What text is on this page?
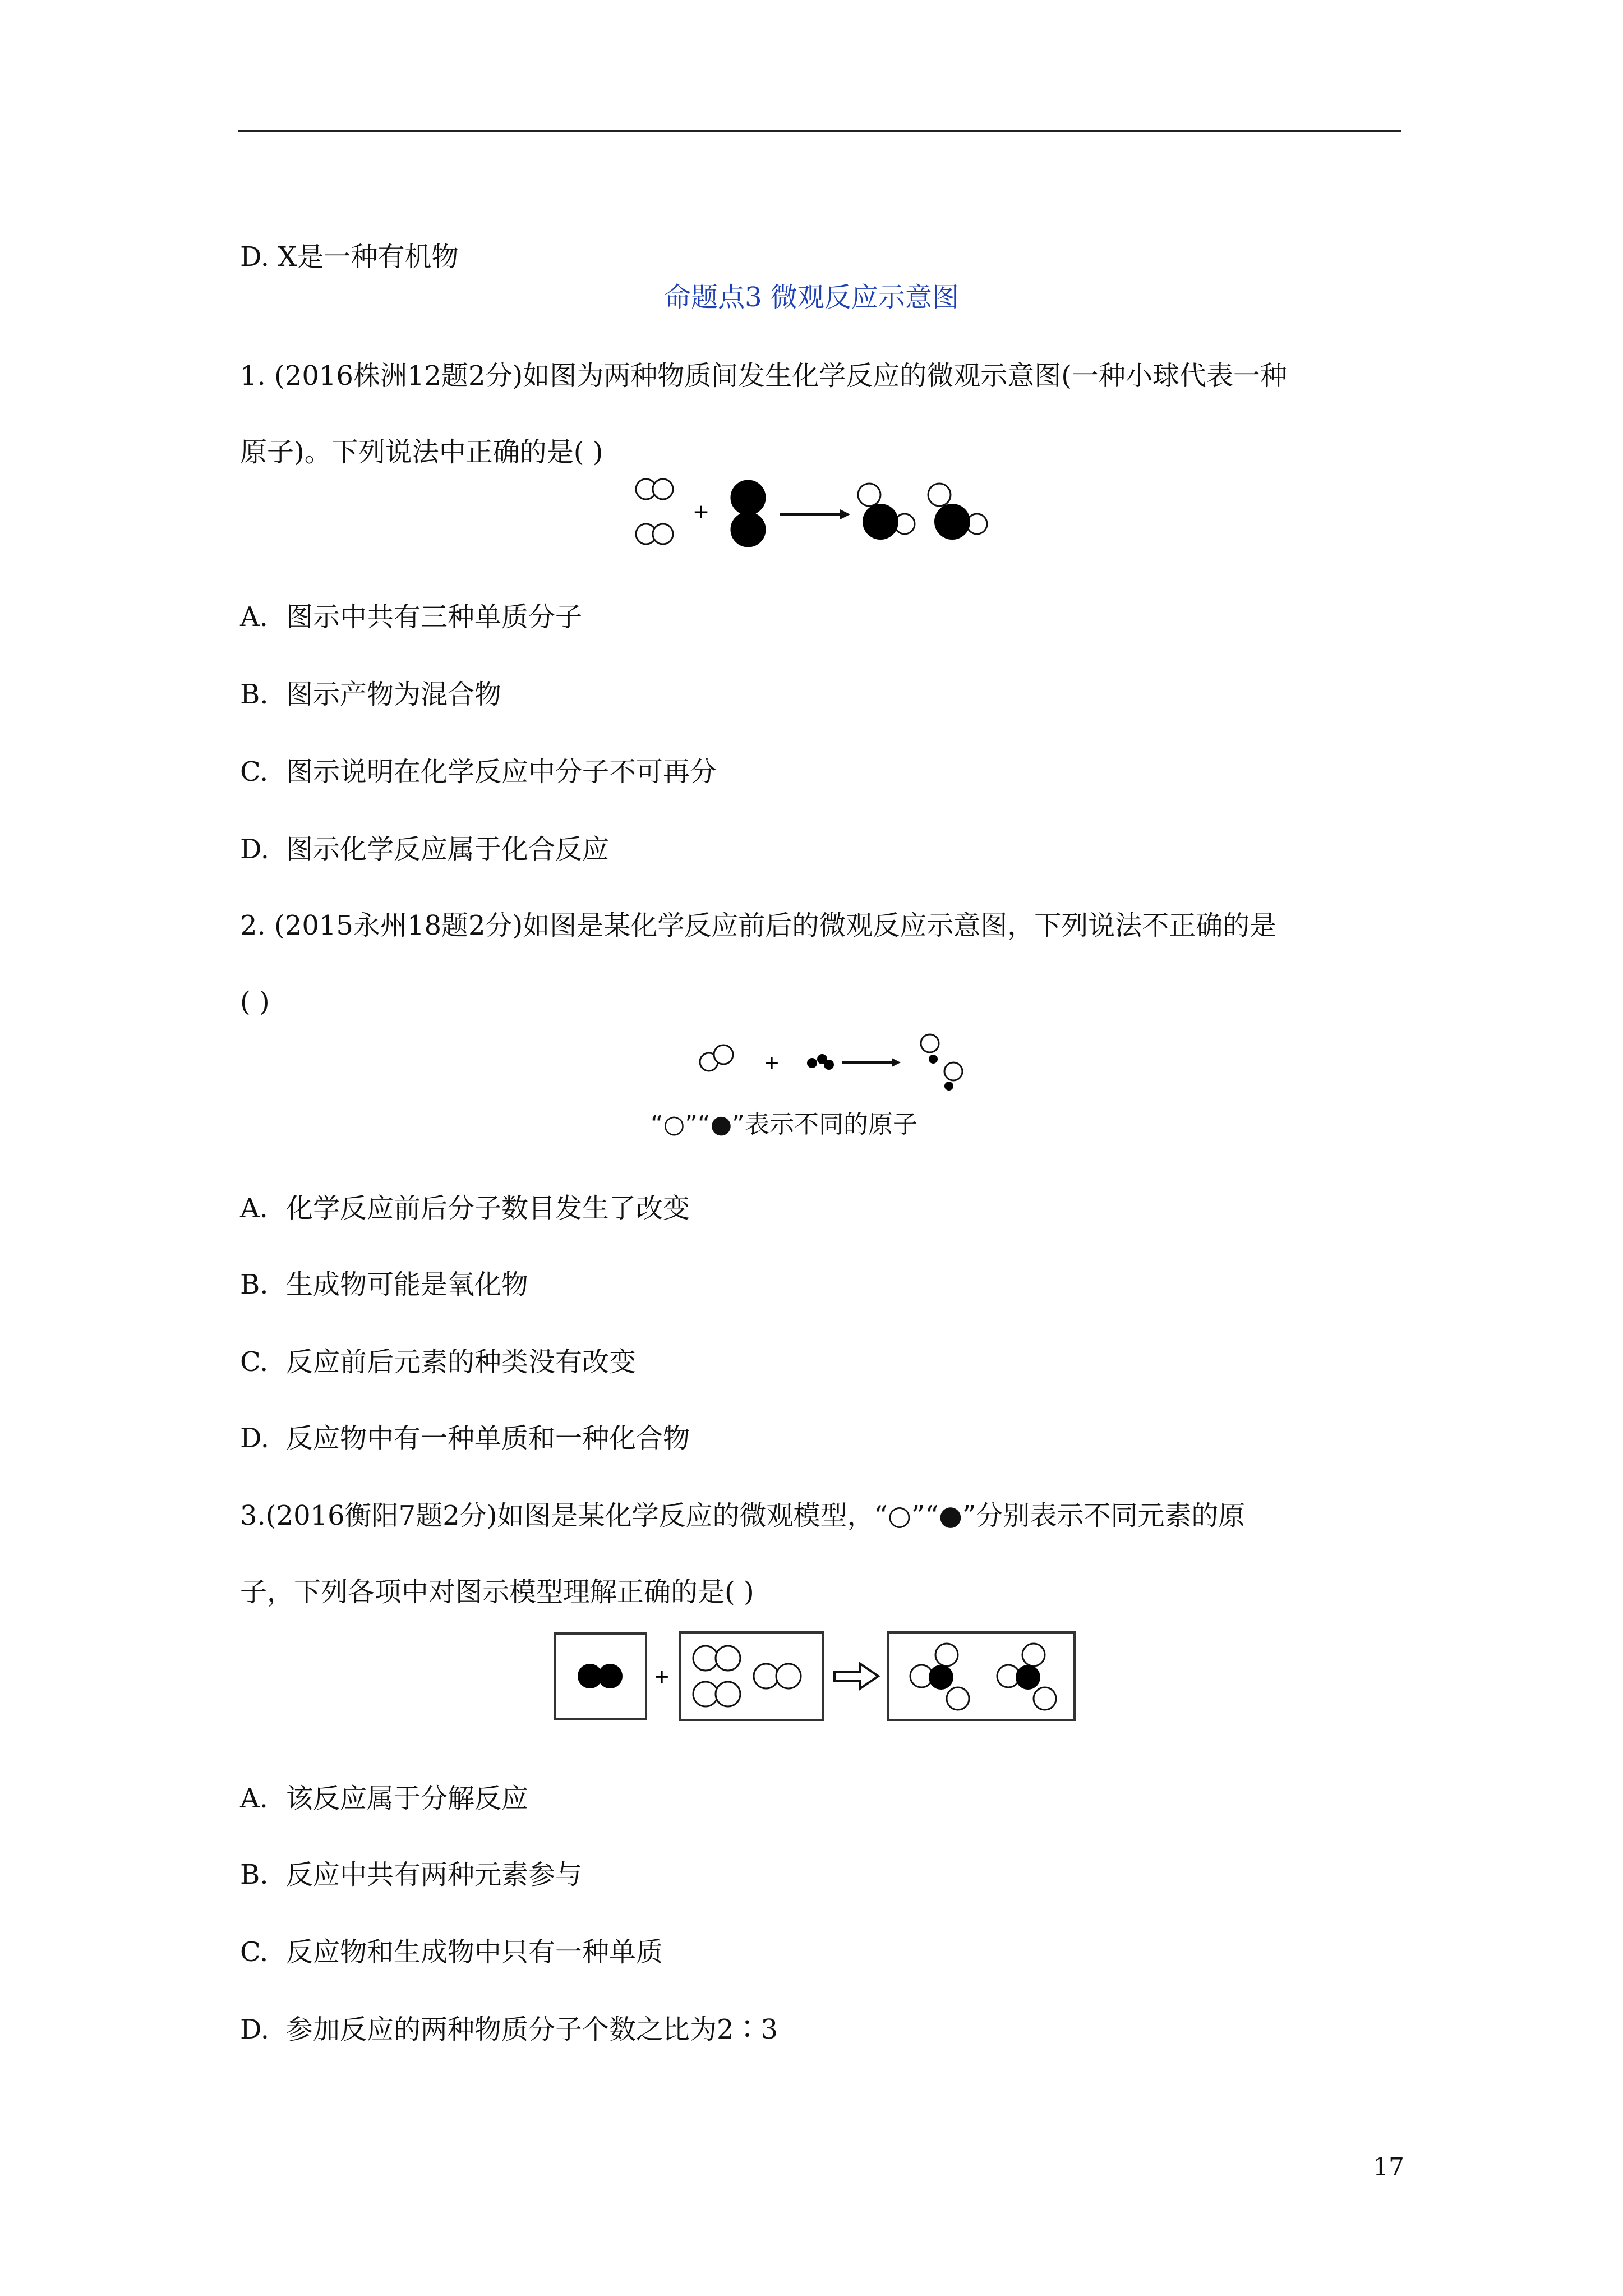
D. X是一种有机物
命题点3 微观反应示意图
1. (2016株洲12题2分)如图为两种物质间发生化学反应的微观示意图(一种小球代表一种
原子)。下列说法中正确的是( )
+
A. 图示中共有三种单质分子
B. 图示产物为混合物
C. 图示说明在化学反应中分子不可再分
D. 图示化学反应属于化合反应
2. (2015永州18题2分)如图是某化学反应前后的微观反应示意图，下列说法不正确的是
( )
+
“○”“●”表示不同的原子
A. 化学反应前后分子数目发生了改变
B. 生成物可能是氧化物
C. 反应前后元素的种类没有改变
D. 反应物中有一种单质和一种化合物
3.(2016衡阳7题2分)如图是某化学反应的微观模型，“○”“●”分别表示不同元素的原
子，下列各项中对图示模型理解正确的是( )
+
A. 该反应属于分解反应
B. 反应中共有两种元素参与
C. 反应物和生成物中只有一种单质
D. 参加反应的两种物质分子个数之比为2∶3
17
